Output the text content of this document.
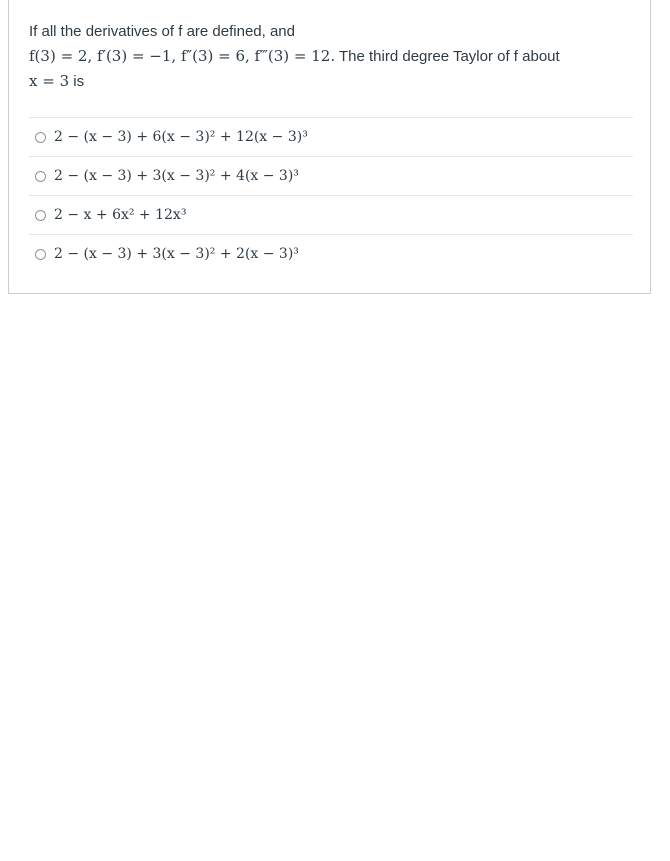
If all the derivatives of f are defined, and
f(3) = 2, f′(3) = −1, f″(3) = 6, f‴(3) = 12. The third degree Taylor of f about
x = 3 is
2 − (x − 3) + 6(x − 3)² + 12(x − 3)³
2 − (x − 3) + 3(x − 3)² + 4(x − 3)³
2 − x + 6x² + 12x³
2 − (x − 3) + 3(x − 3)² + 2(x − 3)³
